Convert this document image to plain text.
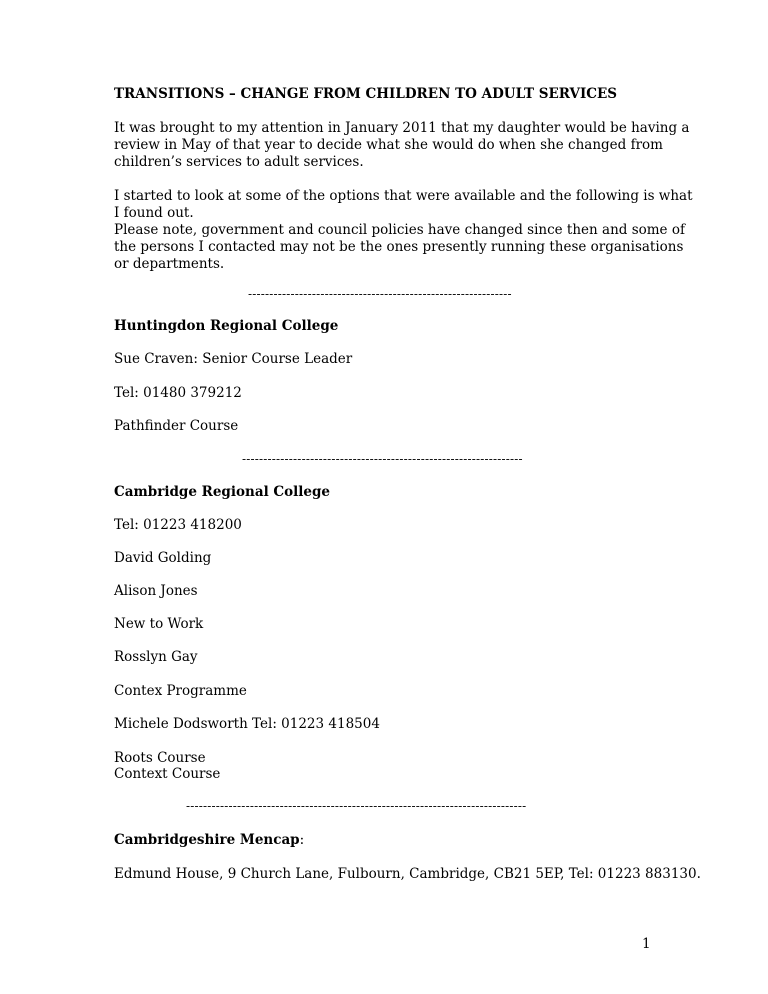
TRANSITIONS – CHANGE FROM CHILDREN TO ADULT SERVICES
It was brought to my attention in January 2011 that my daughter would be having a
review in May of that year to decide what she would do when she changed from
children’s services to adult services.
I started to look at some of the options that were available and the following is what
I found out.
Please note, government and council policies have changed since then and some of
the persons I contacted may not be the ones presently running these organisations
or departments.
--------------------------------------------------------------
Huntingdon Regional College
Sue Craven: Senior Course Leader
Tel: 01480 379212
Pathfinder Course
------------------------------------------------------------------
Cambridge Regional College
Tel: 01223 418200
David Golding
Alison Jones
New to Work
Rosslyn Gay
Contex Programme
Michele Dodsworth Tel: 01223 418504
Roots Course
Context Course
--------------------------------------------------------------------------------
Cambridgeshire Mencap:
Edmund House, 9 Church Lane, Fulbourn, Cambridge, CB21 5EP, Tel: 01223 883130.
1
